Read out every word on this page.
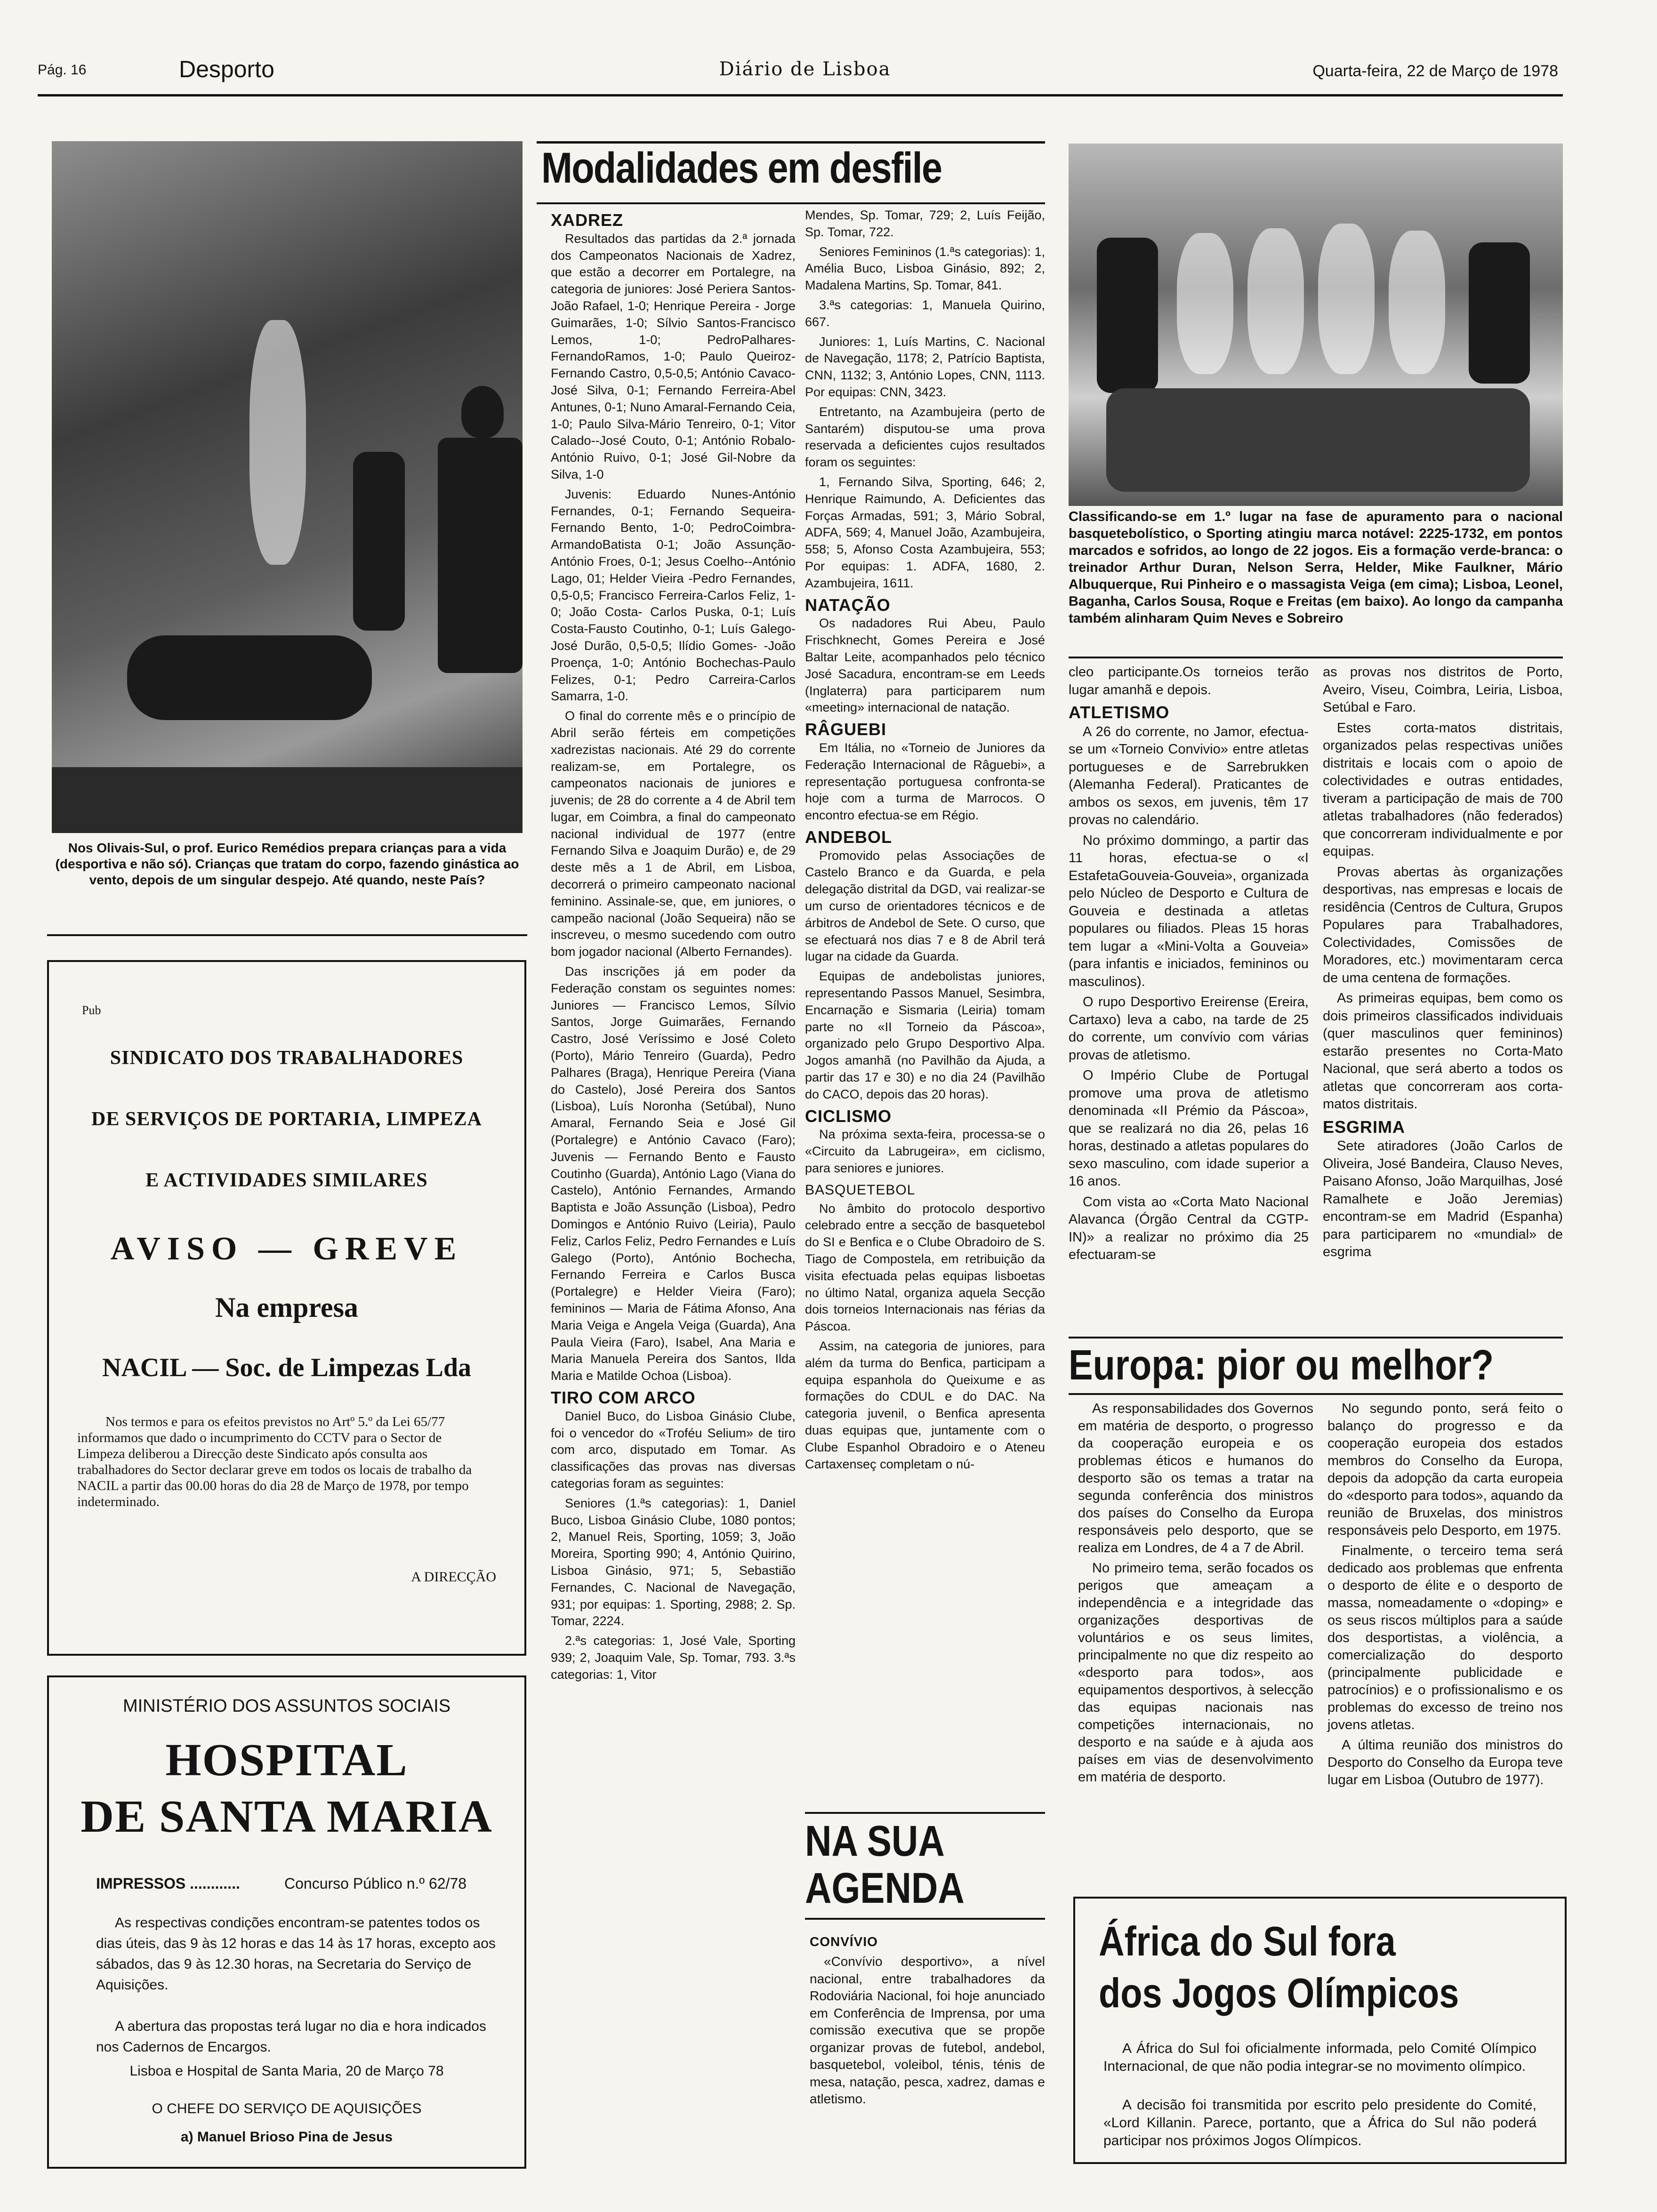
Pág. 16	Desporto	Diário de Lisboa	Quarta-feira, 22 de Março de 1978
Nos Olivais-Sul, o prof. Eurico Remédios prepara crianças para a vida (desportiva e não só). Crianças que tratam do corpo, fazendo ginástica ao vento, depois de um singular despejo. Até quando, neste País?
Pub
SINDICATO DOS TRABALHADORES
DE SERVIÇOS DE PORTARIA, LIMPEZA
E ACTIVIDADES SIMILARES
AVISO — GREVE
Na empresa
NACIL — Soc. de Limpezas Lda
Nos termos e para os efeitos previstos no Artº 5.º da Lei 65/77 informamos que dado o incumprimento do CCTV para o Sector de Limpeza deliberou a Direcção deste Sindicato após consulta aos trabalhadores do Sector declarar greve em todos os locais de trabalho da NACIL a partir das 00.00 horas do dia 28 de Março de 1978, por tempo indeterminado.
A DIRECÇÃO
MINISTÉRIO DOS ASSUNTOS SOCIAIS
HOSPITAL
DE SANTA MARIA
IMPRESSOS ............	Concurso Público n.º 62/78
As respectivas condições encontram-se patentes todos os dias úteis, das 9 às 12 horas e das 14 às 17 horas, excepto aos sábados, das 9 às 12.30 horas, na Secretaria do Serviço de Aquisições.
A abertura das propostas terá lugar no dia e hora indicados nos Cadernos de Encargos.
Lisboa e Hospital de Santa Maria, 20 de Março 78
O CHEFE DO SERVIÇO DE AQUISIÇÕES
a) Manuel Brioso Pina de Jesus
Modalidades em desfile
XADREZ

Resultados das partidas da 2.ª jornada dos Campeonatos Nacionais de Xadrez, que estão a decorrer em Portalegre, na categoria de juniores: José Periera Santos-João Rafael, 1-0; Henrique Pereira - Jorge Guimarães, 1-0; Sílvio Santos-Francisco Lemos, 1-0; PedroPalhares-FernandoRamos, 1-0; Paulo Queiroz-Fernando Castro, 0,5-0,5; António Cavaco-José Silva, 0-1; Fernando Ferreira-Abel Antunes, 0-1; Nuno Amaral-Fernando Ceia, 1-0; Paulo Silva-Mário Tenreiro, 0-1; Vitor Calado--José Couto, 0-1; António Robalo-António Ruivo, 0-1; José Gil-Nobre da Silva, 1-0

Juvenis: Eduardo Nunes-António Fernandes, 0-1; Fernando Sequeira-Fernando Bento, 1-0; PedroCoimbra-ArmandoBatista 0-1; João Assunção-António Froes, 0-1; Jesus Coelho--António Lago, 01; Helder Vieira -Pedro Fernandes, 0,5-0,5; Francisco Ferreira-Carlos Feliz, 1-0; João Costa- Carlos Puska, 0-1; Luís Costa-Fausto Coutinho, 0-1; Luís Galego-José Durão, 0,5-0,5; Ilídio Gomes- -João Proença, 1-0; António Bochechas-Paulo Felizes, 0-1; Pedro Carreira-Carlos Samarra, 1-0.

O final do corrente mês e o princípio de Abril serão férteis em competições xadrezistas nacionais. Até 29 do corrente realizam-se, em Portalegre, os campeonatos nacionais de juniores e juvenis; de 28 do corrente a 4 de Abril tem lugar, em Coimbra, a final do campeonato nacional individual de 1977 (entre Fernando Silva e Joaquim Durão) e, de 29 deste mês a 1 de Abril, em Lisboa, decorrerá o primeiro campeonato nacional feminino. Assinale-se, que, em juniores, o campeão nacional (João Sequeira) não se inscreveu, o mesmo sucedendo com outro bom jogador nacional (Alberto Fernandes).

Das inscrições já em poder da Federação constam os seguintes nomes: Juniores — Francisco Lemos, Sílvio Santos, Jorge Guimarães, Fernando Castro, José Veríssimo e José Coleto (Porto), Mário Tenreiro (Guarda), Pedro Palhares (Braga), Henrique Pereira (Viana do Castelo), José Pereira dos Santos (Lisboa), Luís Noronha (Setúbal), Nuno Amaral, Fernando Seia e José Gil (Portalegre) e António Cavaco (Faro); Juvenis — Fernando Bento e Fausto Coutinho (Guarda), António Lago (Viana do Castelo), António Fernandes, Armando Baptista e João Assunção (Lisboa), Pedro Domingos e António Ruivo (Leiria), Paulo Feliz, Carlos Feliz, Pedro Fernandes e Luís Galego (Porto), António Bochecha, Fernando Ferreira e Carlos Busca (Portalegre) e Helder Vieira (Faro); femininos — Maria de Fátima Afonso, Ana Maria Veiga e Angela Veiga (Guarda), Ana Paula Vieira (Faro), Isabel, Ana Maria e Maria Manuela Pereira dos Santos, Ilda Maria e Matilde Ochoa (Lisboa).

TIRO COM ARCO

Daniel Buco, do Lisboa Ginásio Clube, foi o vencedor do «Troféu Selium» de tiro com arco, disputado em Tomar. As classificações das provas nas diversas categorias foram as seguintes:

Seniores (1.ªs categorias): 1, Daniel Buco, Lisboa Ginásio Clube, 1080 pontos; 2, Manuel Reis, Sporting, 1059; 3, João Moreira, Sporting 990; 4, António Quirino, Lisboa Ginásio, 971; 5, Sebastião Fernandes, C. Nacional de Navegação, 931; por equipas: 1. Sporting, 2988; 2. Sp. Tomar, 2224.

2.ªs categorias: 1, José Vale, Sporting 939; 2, Joaquim Vale, Sp. Tomar, 793. 3.ªs categorias: 1, Vitor

Mendes, Sp. Tomar, 729; 2, Luís Feijão, Sp. Tomar, 722.

Seniores Femininos (1.ªs categorias): 1, Amélia Buco, Lisboa Ginásio, 892; 2, Madalena Martins, Sp. Tomar, 841.

3.ªs categorias: 1, Manuela Quirino, 667.

Juniores: 1, Luís Martins, C. Nacional de Navegação, 1178; 2, Patrício Baptista, CNN, 1132; 3, António Lopes, CNN, 1113. Por equipas: CNN, 3423.

Entretanto, na Azambujeira (perto de Santarém) disputou-se uma prova reservada a deficientes cujos resultados foram os seguintes:

1, Fernando Silva, Sporting, 646; 2, Henrique Raimundo, A. Deficientes das Forças Armadas, 591; 3, Mário Sobral, ADFA, 569; 4, Manuel João, Azambujeira, 558; 5, Afonso Costa Azambujeira, 553; Por equipas: 1. ADFA, 1680, 2. Azambujeira, 1611.

NATAÇÃO

Os nadadores Rui Abeu, Paulo Frischknecht, Gomes Pereira e José Baltar Leite, acompanhados pelo técnico José Sacadura, encontram-se em Leeds (Inglaterra) para participarem num «meeting» internacional de natação.

RÂGUEBI

Em Itália, no «Torneio de Juniores da Federação Internacional de Râguebi», a representação portuguesa confronta-se hoje com a turma de Marrocos. O encontro efectua-se em Régio.

ANDEBOL

Promovido pelas Associações de Castelo Branco e da Guarda, e pela delegação distrital da DGD, vai realizar-se um curso de orientadores técnicos e de árbitros de Andebol de Sete. O curso, que se efectuará nos dias 7 e 8 de Abril terá lugar na cidade da Guarda.

Equipas de andebolistas juniores, representando Passos Manuel, Sesimbra, Encarnação e Sismaria (Leiria) tomam parte no «II Torneio da Páscoa», organizado pelo Grupo Desportivo Alpa. Jogos amanhã (no Pavilhão da Ajuda, a partir das 17 e 30) e no dia 24 (Pavilhão do CACO, depois das 20 horas).

CICLISMO

Na próxima sexta-feira, processa-se o «Circuito da Labrugeira», em ciclismo, para seniores e juniores.

BASQUETEBOL

No âmbito do protocolo desportivo celebrado entre a secção de basquetebol do SI e Benfica e o Clube Obradoiro de S. Tiago de Compostela, em retribuição da visita efectuada pelas equipas lisboetas no último Natal, organiza aquela Secção dois torneios Internacionais nas férias da Páscoa.

Assim, na categoria de juniores, para além da turma do Benfica, participam a equipa espanhola do Queixume e as formações do CDUL e do DAC. Na categoria juvenil, o Benfica apresenta duas equipas que, juntamente com o Clube Espanhol Obradoiro e o Ateneu Cartaxenseç completam o nú-

Classificando-se em 1.º lugar na fase de apuramento para o nacional basquetebolístico, o Sporting atingiu marca notável: 2225-1732, em pontos marcados e sofridos, ao longo de 22 jogos. Eis a formação verde-branca: o treinador Arthur Duran, Nelson Serra, Helder, Mike Faulkner, Mário Albuquerque, Rui Pinheiro e o massagista Veiga (em cima); Lisboa, Leonel, Baganha, Carlos Sousa, Roque e Freitas (em baixo). Ao longo da campanha também alinharam Quim Neves e Sobreiro

cleo participante.Os torneios terão lugar amanhã e depois.

ATLETISMO

A 26 do corrente, no Jamor, efectua-se um «Torneio Convivio» entre atletas portugueses e de Sarrebrukken (Alemanha Federal). Praticantes de ambos os sexos, em juvenis, têm 17 provas no calendário.

No próximo dommingo, a partir das 11 horas, efectua-se o «I EstafetaGouveia-Gouveia», organizada pelo Núcleo de Desporto e Cultura de Gouveia e destinada a atletas populares ou filiados. Pleas 15 horas tem lugar a «Mini-Volta a Gouveia» (para infantis e iniciados, femininos ou masculinos).

O rupo Desportivo Ereirense (Ereira, Cartaxo) leva a cabo, na tarde de 25 do corrente, um convívio com várias provas de atletismo.

O Império Clube de Portugal promove uma prova de atletismo denominada «II Prémio da Páscoa», que se realizará no dia 26, pelas 16 horas, destinado a atletas populares do sexo masculino, com idade superior a 16 anos.

Com vista ao «Corta Mato Nacional Alavanca (Órgão Central da CGTP-IN)» a realizar no próximo dia 25 efectuaram-se

as provas nos distritos de Porto, Aveiro, Viseu, Coimbra, Leiria, Lisboa, Setúbal e Faro.

Estes corta-matos distritais, organizados pelas respectivas uniões distritais e locais com o apoio de colectividades e outras entidades, tiveram a participação de mais de 700 atletas trabalhadores (não federados) que concorreram individualmente e por equipas.

Provas abertas às organizações desportivas, nas empresas e locais de residência (Centros de Cultura, Grupos Populares para Trabalhadores, Colectividades, Comissões de Moradores, etc.) movimentaram cerca de uma centena de formações.

As primeiras equipas, bem como os dois primeiros classificados individuais (quer masculinos quer femininos) estarão presentes no Corta-Mato Nacional, que será aberto a todos os atletas que concorreram aos corta-matos distritais.

ESGRIMA

Sete atiradores (João Carlos de Oliveira, José Bandeira, Clauso Neves, Paisano Afonso, João Marquilhas, José Ramalhete e João Jeremias) encontram-se em Madrid (Espanha) para participarem no «mundial» de esgrima

NA SUA
AGENDA
CONVÍVIO
«Convívio desportivo», a nível nacional, entre trabalhadores da Rodoviária Nacional, foi hoje anunciado em Conferência de Imprensa, por uma comissão executiva que se propõe organizar provas de futebol, andebol, basquetebol, voleibol, ténis, ténis de mesa, natação, pesca, xadrez, damas e atletismo.
Europa: pior ou melhor?

As responsabilidades dos Governos em matéria de desporto, o progresso da cooperação europeia e os problemas éticos e humanos do desporto são os temas a tratar na segunda conferência dos ministros dos países do Conselho da Europa responsáveis pelo desporto, que se realiza em Londres, de 4 a 7 de Abril.

No primeiro tema, serão focados os perigos que ameaçam a independência e a integridade das organizações desportivas de voluntários e os seus limites, principalmente no que diz respeito ao «desporto para todos», aos equipamentos desportivos, à selecção das equipas nacionais nas competições internacionais, no desporto e na saúde e à ajuda aos países em vias de desenvolvimento em matéria de desporto.

No segundo ponto, será feito o balanço do progresso e da cooperação europeia dos estados membros do Conselho da Europa, depois da adopção da carta europeia do «desporto para todos», aquando da reunião de Bruxelas, dos ministros responsáveis pelo Desporto, em 1975.

Finalmente, o terceiro tema será dedicado aos problemas que enfrenta o desporto de élite e o desporto de massa, nomeadamente o «doping» e os seus riscos múltiplos para a saúde dos desportistas, a violência, a comercialização do desporto (principalmente publicidade e patrocínios) e o profissionalismo e os problemas do excesso de treino nos jovens atletas.

A última reunião dos ministros do Desporto do Conselho da Europa teve lugar em Lisboa (Outubro de 1977).

África do Sul fora
dos Jogos Olímpicos
A África do Sul foi oficialmente informada, pelo Comité Olímpico Internacional, de que não podia integrar-se no movimento olímpico.
A decisão foi transmitida por escrito pelo presidente do Comité, «Lord Killanin. Parece, portanto, que a África do Sul não poderá participar nos próximos Jogos Olímpicos.
